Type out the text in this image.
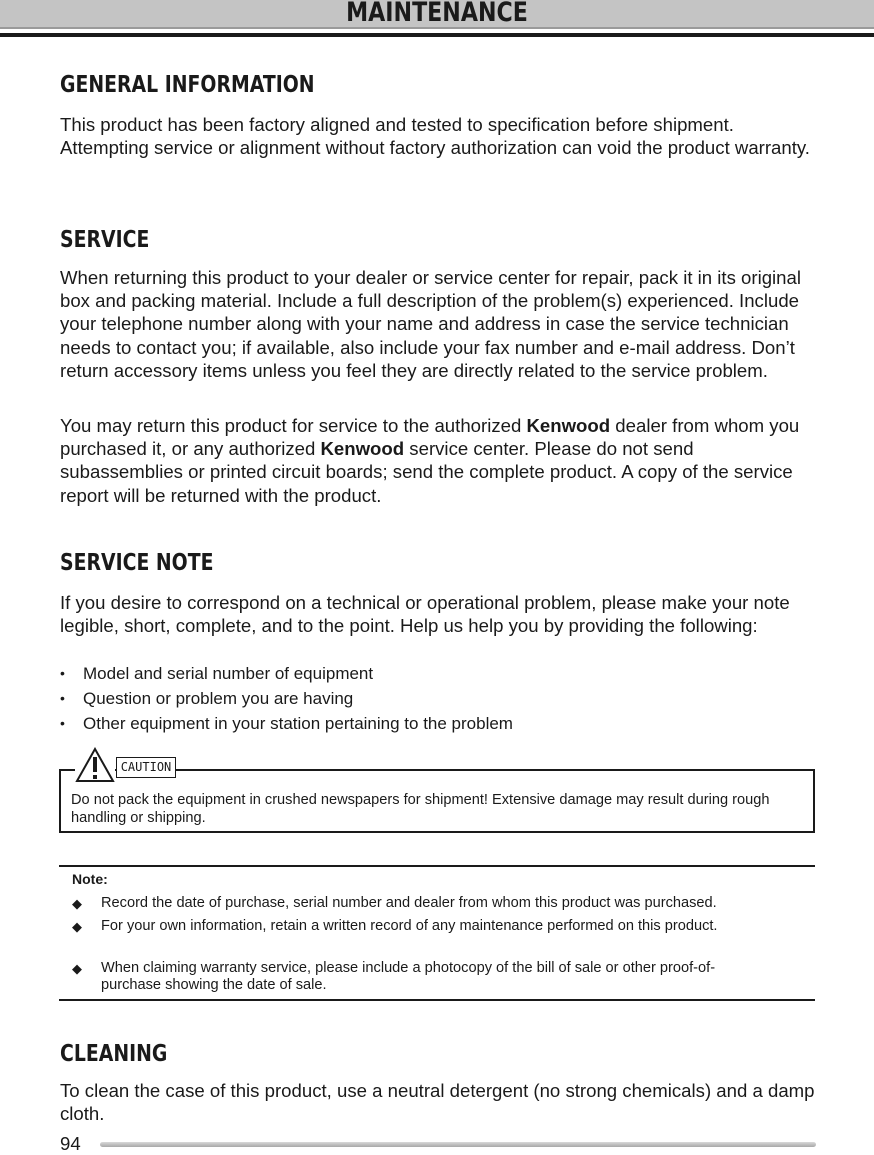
MAINTENANCE
GENERAL INFORMATION

This product has been factory aligned and tested to specification before shipment. Attempting service or alignment without factory authorization can void the product warranty.

SERVICE

When returning this product to your dealer or service center for repair, pack it in its original box and packing material. Include a full description of the problem(s) experienced. Include your telephone number along with your name and address in case the service technician needs to contact you; if available, also include your fax number and e-mail address. Don’t return accessory items unless you feel they are directly related to the service problem.

You may return this product for service to the authorized Kenwood dealer from whom you purchased it, or any authorized Kenwood service center. Please do not send subassemblies or printed circuit boards; send the complete product. A copy of the service report will be returned with the product.

SERVICE NOTE

If you desire to correspond on a technical or operational problem, please make your note legible, short, complete, and to the point. Help us help you by providing the following:

• Model and serial number of equipment
• Question or problem you are having
• Other equipment in your station pertaining to the problem
Do not pack the equipment in crushed newspapers for shipment! Extensive damage may result during rough handling or shipping.
CAUTION
Note:
◆ Record the date of purchase, serial number and dealer from whom this product was purchased.
◆ For your own information, retain a written record of any maintenance performed on this product.
◆ When claiming warranty service, please include a photocopy of the bill of sale or other proof-of-purchase showing the date of sale.
CLEANING

To clean the case of this product, use a neutral detergent (no strong chemicals) and a damp cloth.

94
